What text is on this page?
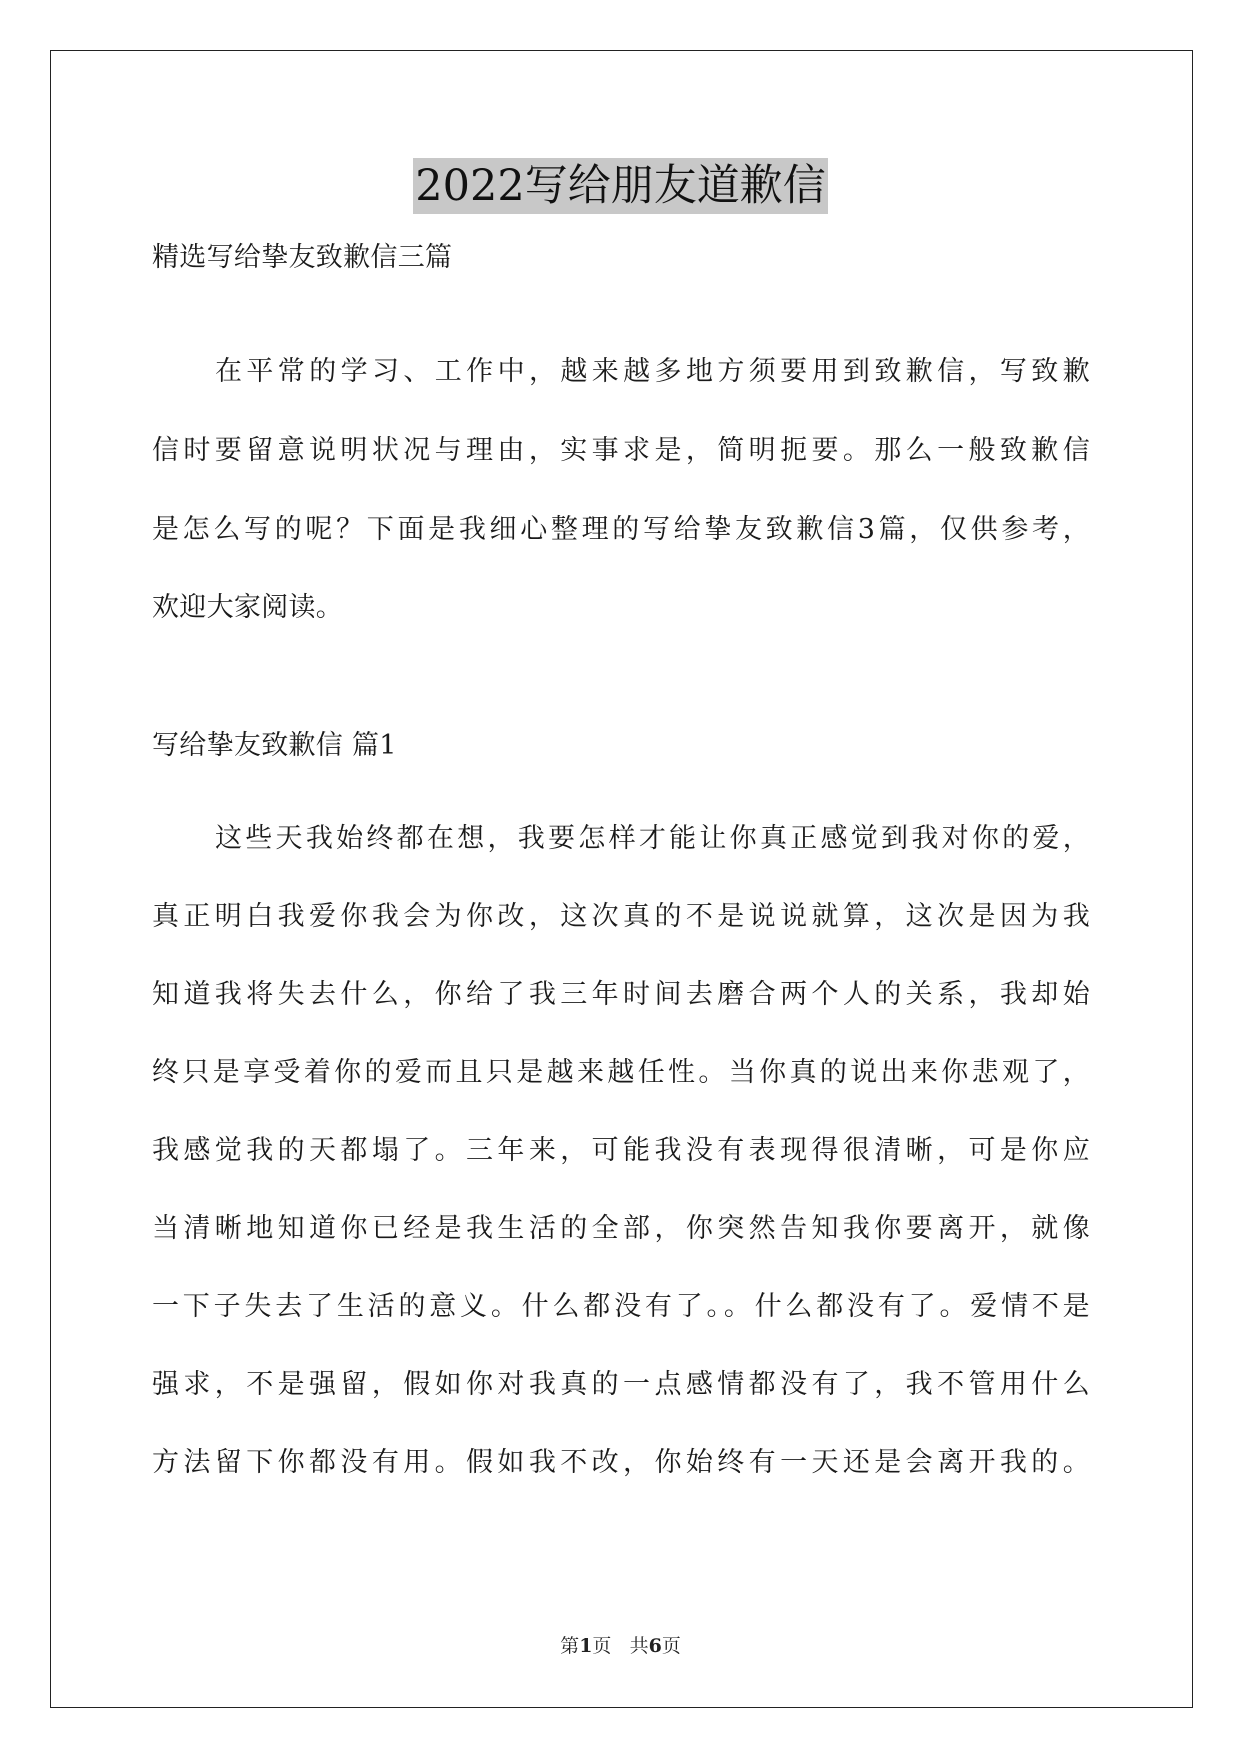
2022写给朋友道歉信
精选写给挚友致歉信三篇
在平常的学习、工作中，越来越多地方须要用到致歉信，写致歉
信时要留意说明状况与理由，实事求是，简明扼要。那么一般致歉信
是怎么写的呢？下面是我细心整理的写给挚友致歉信3篇，仅供参考，
欢迎大家阅读。
写给挚友致歉信 篇1
这些天我始终都在想，我要怎样才能让你真正感觉到我对你的爱，
真正明白我爱你我会为你改，这次真的不是说说就算，这次是因为我
知道我将失去什么，你给了我三年时间去磨合两个人的关系，我却始
终只是享受着你的爱而且只是越来越任性。当你真的说出来你悲观了，
我感觉我的天都塌了。三年来，可能我没有表现得很清晰，可是你应
当清晰地知道你已经是我生活的全部，你突然告知我你要离开，就像
一下子失去了生活的意义。什么都没有了。。什么都没有了。爱情不是
强求，不是强留，假如你对我真的一点感情都没有了，我不管用什么
方法留下你都没有用。假如我不改，你始终有一天还是会离开我的。
第1页 共6页
